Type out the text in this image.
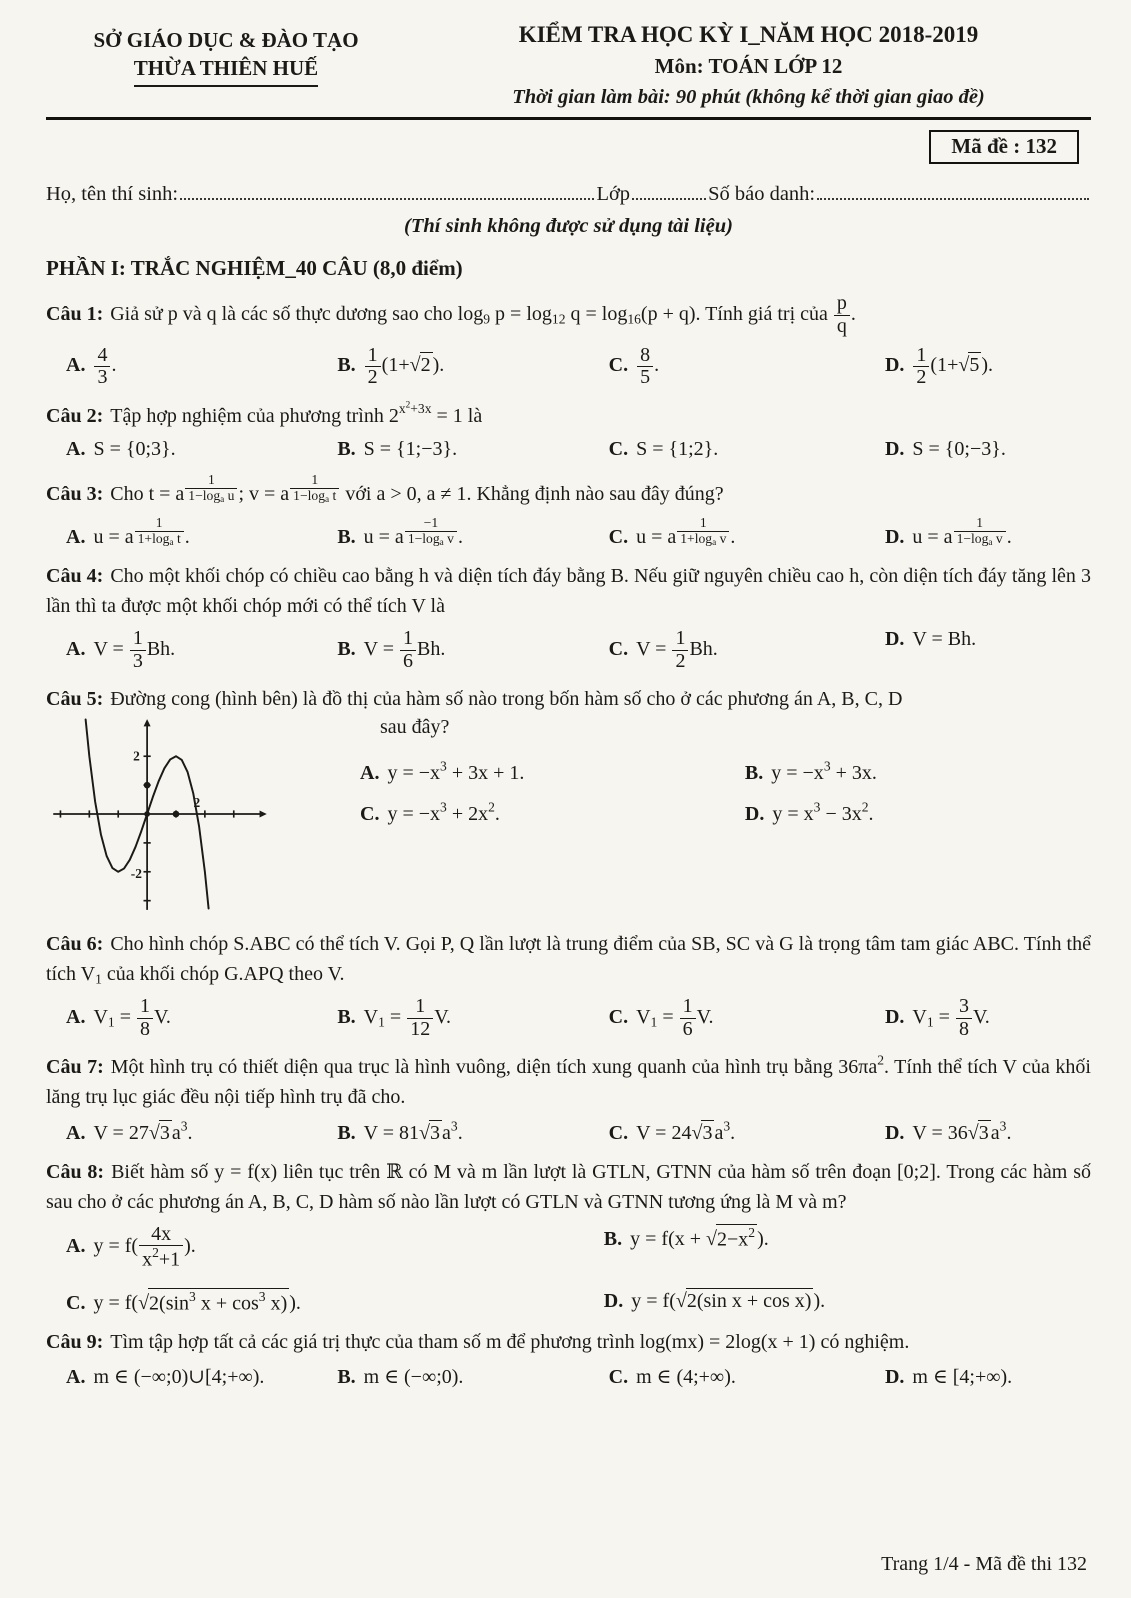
SỞ GIÁO DỤC & ĐÀO TẠO
THỪA THIÊN HUẾ
KIỂM TRA HỌC KỲ I_NĂM HỌC 2018-2019
Môn: TOÁN LỚP 12
Thời gian làm bài: 90 phút (không kể thời gian giao đề)
Mã đề : 132
Họ, tên thí sinh:	Lớp	Số báo danh:
(Thí sinh không được sử dụng tài liệu)
PHẦN I: TRẮC NGHIỆM_40 CÂU (8,0 điểm)

Câu 1: Giả sử p và q là các số thực dương sao cho $\log_9 p = \log_{12} q = \log_{16}(p + q)$. Tính giá trị của $\frac{p}{q}$ .

A. $\frac{4}{3}$ .	B. $\frac{1}{2} (1+√2$ ).	C. $\frac{8}{5}$ .	D. $\frac{1}{2} (1+√5$ ).

Câu 2: Tập hợp nghiệm của phương trình $2^{x^2+3x} = 1$ là

A. S = {0;3}.	B. S = {1;−3}.	C. S = {1;2}.	D. S = {0;−3}.

Câu 3: Cho t = a $^{\frac{1}{1-\log_a u}}$ ; v = a $^{\frac{1}{1-\log_a t}}$ với a > 0, a ≠ 1. Khẳng định nào sau đây đúng?

A. u = a $^{\frac{1}{1+\log_a t}}$ .	B. u = a $^{\frac{-1}{1-\log_a v}}$ .	C. u = a $^{\frac{1}{1+\log_a v}}$ .	D. u = a $^{\frac{1}{1-\log_a v}}$ .

Câu 4: Cho một khối chóp có chiều cao bằng h và diện tích đáy bằng B. Nếu giữ nguyên chiều cao h, còn diện tích đáy tăng lên 3 lần thì ta được một khối chóp mới có thể tích V là

A. $V = \frac{1}{3} Bh$.	B. $V = \frac{1}{6} Bh$.	C. $V = \frac{1}{2} Bh$.	D. V = Bh.

Câu 5: Đường cong (hình bên) là đồ thị của hàm số nào trong bốn hàm số cho ở các phương án A, B, C, D

2
2
-2
sau đây?
A. $y = -x^3 + 3x + 1$.	B. $y = -x^3 + 3x$.
C. $y = -x^3 + 2x^2$.	D. $y = x^3 - 3x^2$.

Câu 6: Cho hình chóp S.ABC có thể tích V. Gọi P, Q lần lượt là trung điểm của SB, SC và G là trọng tâm tam giác ABC. Tính thể tích $V_1$ của khối chóp G.APQ theo V.

A. $V_1 = \frac{1}{8} V$.	B. $V_1 = \frac{1}{12} V$.	C. $V_1 = \frac{1}{6} V$.	D. $V_1 = \frac{3}{8} V$.

Câu 7: Một hình trụ có thiết diện qua trục là hình vuông, diện tích xung quanh của hình trụ bằng $36\pi a^2$. Tính thể tích V của khối lăng trụ lục giác đều nội tiếp hình trụ đã cho.

A. V = 27√3 $a^3$.	B. V = 81√3 $a^3$.	C. V = 24√3 $a^3$.	D. V = 36√3 $a^3$.

Câu 8: Biết hàm số y = f(x) liên tục trên ℝ có M và m lần lượt là GTLN, GTNN của hàm số trên đoạn [0;2]. Trong các hàm số sau cho ở các phương án A, B, C, D hàm số nào lần lượt có GTLN và GTNN tương ứng là M và m?

A. $y = f( \frac{4x}{x^2+1}$ ).	B. $y = f(x + √2-x^2$ ).
C. $y = f(√2(\sin^3$ $x + \cos^3 x$) ).	D. y = f(√2(sin x + cos x) ).

Câu 9: Tìm tập hợp tất cả các giá trị thực của tham số m để phương trình log(mx) = 2log(x + 1) có nghiệm.

A. m ∈ (−∞;0)∪[4;+∞).	B. m ∈ (−∞;0).	C. m ∈ (4;+∞).	D. m ∈ [4;+∞).
Trang 1/4 - Mã đề thi 132
